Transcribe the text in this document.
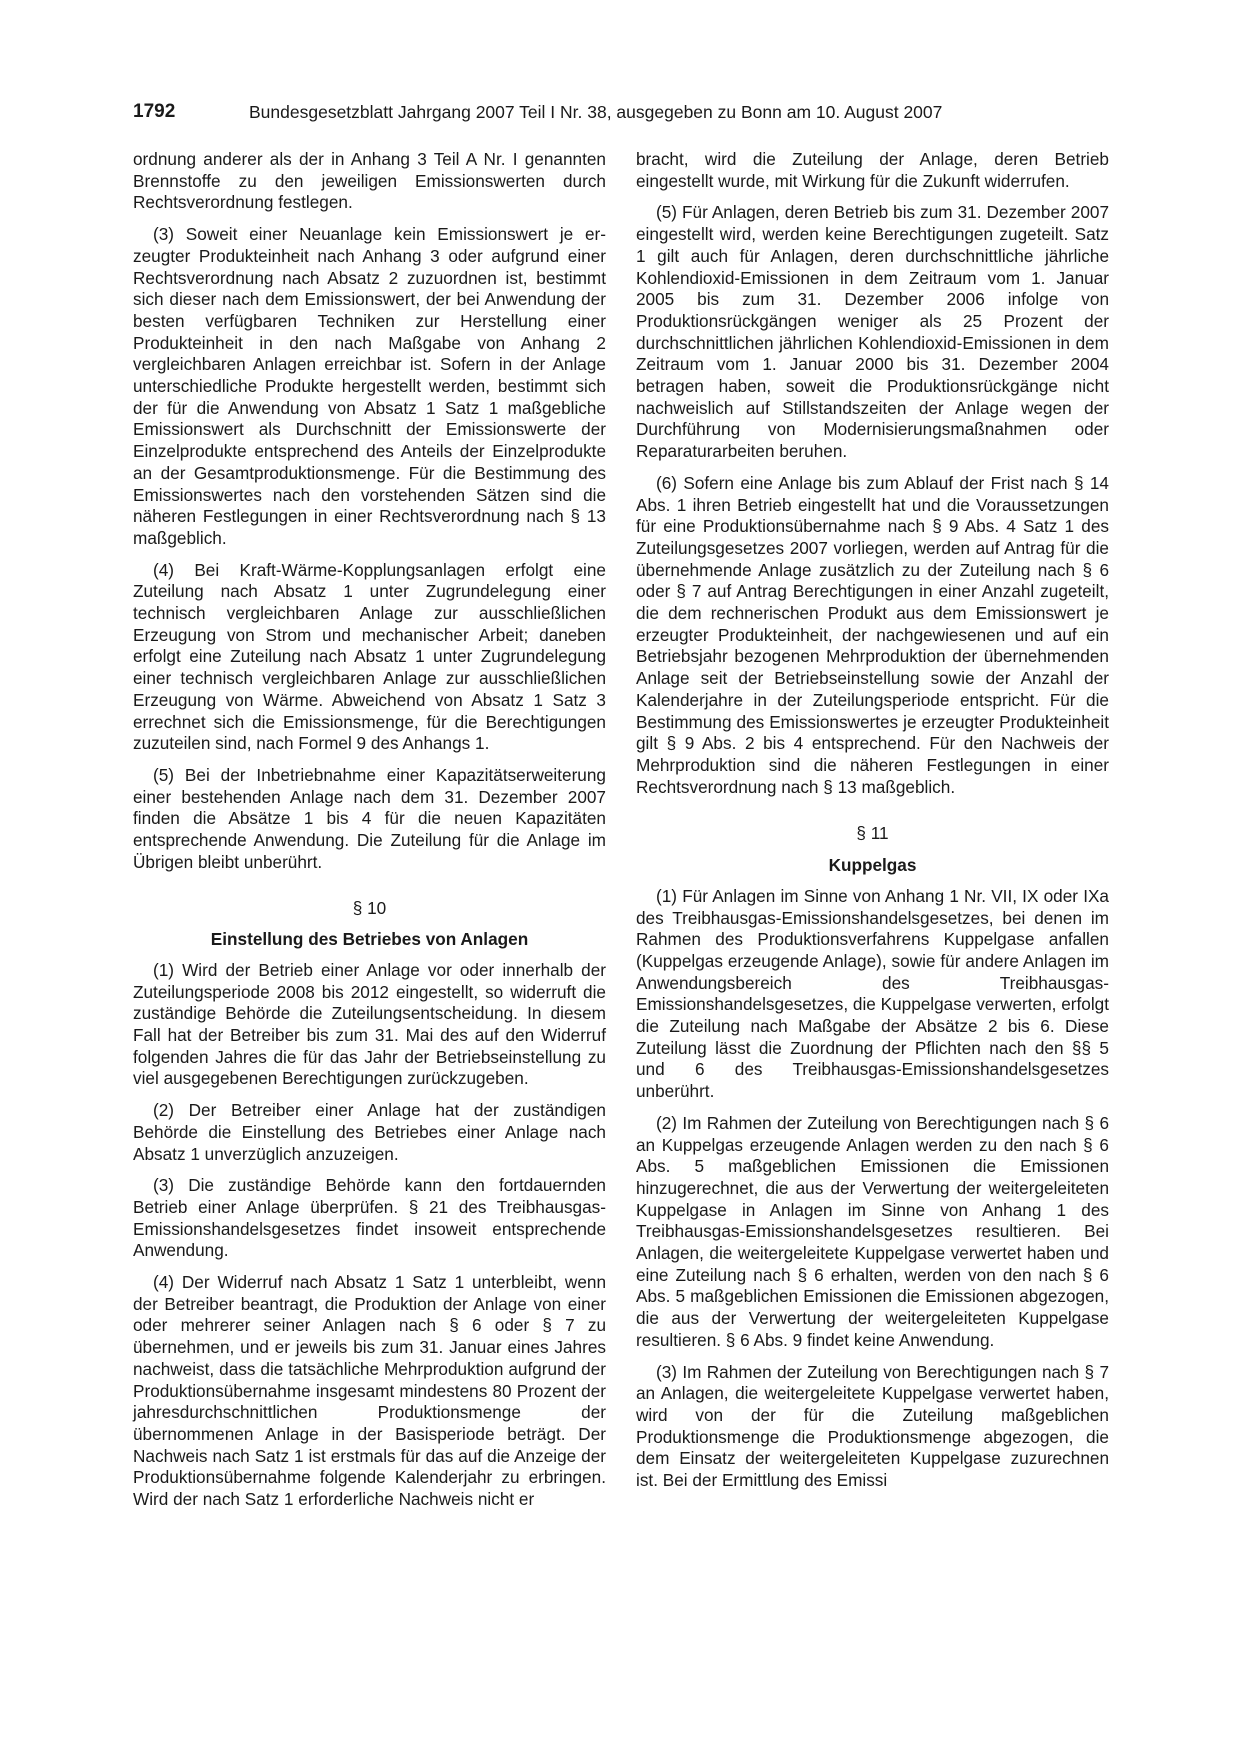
1792	Bundesgesetzblatt Jahrgang 2007 Teil I Nr. 38, ausgegeben zu Bonn am 10. August 2007

ordnung anderer als der in Anhang 3 Teil A Nr. I genannten Brennstoffe zu den jeweiligen Emissionswerten durch Rechtsverordnung festlegen.

(3) Soweit einer Neuanlage kein Emissionswert je erzeugter Produkteinheit nach Anhang 3 oder aufgrund einer Rechtsverordnung nach Absatz 2 zuzuordnen ist, bestimmt sich dieser nach dem Emissionswert, der bei Anwendung der besten verfügbaren Techniken zur Herstellung einer Produkteinheit in den nach Maßgabe von Anhang 2 vergleichbaren Anlagen erreichbar ist. Sofern in der Anlage unterschiedliche Produkte hergestellt werden, bestimmt sich der für die Anwendung von Absatz 1 Satz 1 maßgebliche Emissionswert als Durchschnitt der Emissionswerte der Einzelprodukte entsprechend des Anteils der Einzelprodukte an der Gesamtproduktionsmenge. Für die Bestimmung des Emissionswertes nach den vorstehenden Sätzen sind die näheren Festlegungen in einer Rechtsverordnung nach § 13 maßgeblich.

(4) Bei Kraft-Wärme-Kopplungsanlagen erfolgt eine Zuteilung nach Absatz 1 unter Zugrundelegung einer technisch vergleichbaren Anlage zur ausschließlichen Erzeugung von Strom und mechanischer Arbeit; daneben erfolgt eine Zuteilung nach Absatz 1 unter Zugrundelegung einer technisch vergleichbaren Anlage zur ausschließlichen Erzeugung von Wärme. Abweichend von Absatz 1 Satz 3 errechnet sich die Emissionsmenge, für die Berechtigungen zuzuteilen sind, nach Formel 9 des Anhangs 1.

(5) Bei der Inbetriebnahme einer Kapazitätserweiterung einer bestehenden Anlage nach dem 31. Dezember 2007 finden die Absätze 1 bis 4 für die neuen Kapazitäten entsprechende Anwendung. Die Zuteilung für die Anlage im Übrigen bleibt unberührt.

§ 10
Einstellung des Betriebes von Anlagen

(1) Wird der Betrieb einer Anlage vor oder innerhalb der Zuteilungsperiode 2008 bis 2012 eingestellt, so widerruft die zuständige Behörde die Zuteilungsentscheidung. In diesem Fall hat der Betreiber bis zum 31. Mai des auf den Widerruf folgenden Jahres die für das Jahr der Betriebseinstellung zu viel ausgegebenen Berechtigungen zurückzugeben.

(2) Der Betreiber einer Anlage hat der zuständigen Behörde die Einstellung des Betriebes einer Anlage nach Absatz 1 unverzüglich anzuzeigen.

(3) Die zuständige Behörde kann den fortdauernden Betrieb einer Anlage überprüfen. § 21 des Treibhausgas-Emissionshandelsgesetzes findet insoweit entsprechende Anwendung.

(4) Der Widerruf nach Absatz 1 Satz 1 unterbleibt, wenn der Betreiber beantragt, die Produktion der Anlage von einer oder mehrerer seiner Anlagen nach § 6 oder § 7 zu übernehmen, und er jeweils bis zum 31. Januar eines Jahres nachweist, dass die tatsächliche Mehrproduktion aufgrund der Produktionsübernahme insgesamt mindestens 80 Prozent der jahresdurchschnittlichen Produktionsmenge der übernommenen Anlage in der Basisperiode beträgt. Der Nachweis nach Satz 1 ist erstmals für das auf die Anzeige der Produktionsübernahme folgende Kalenderjahr zu erbringen. Wird der nach Satz 1 erforderliche Nachweis nicht er

bracht, wird die Zuteilung der Anlage, deren Betrieb eingestellt wurde, mit Wirkung für die Zukunft widerrufen.

(5) Für Anlagen, deren Betrieb bis zum 31. Dezember 2007 eingestellt wird, werden keine Berechtigungen zugeteilt. Satz 1 gilt auch für Anlagen, deren durchschnittliche jährliche Kohlendioxid-Emissionen in dem Zeitraum vom 1. Januar 2005 bis zum 31. Dezember 2006 infolge von Produktionsrückgängen weniger als 25 Prozent der durchschnittlichen jährlichen Kohlendioxid-Emissionen in dem Zeitraum vom 1. Januar 2000 bis 31. Dezember 2004 betragen haben, soweit die Produktionsrückgänge nicht nachweislich auf Stillstandszeiten der Anlage wegen der Durchführung von Modernisierungsmaßnahmen oder Reparaturarbeiten beruhen.

(6) Sofern eine Anlage bis zum Ablauf der Frist nach § 14 Abs. 1 ihren Betrieb eingestellt hat und die Voraussetzungen für eine Produktionsübernahme nach § 9 Abs. 4 Satz 1 des Zuteilungsgesetzes 2007 vorliegen, werden auf Antrag für die übernehmende Anlage zusätzlich zu der Zuteilung nach § 6 oder § 7 auf Antrag Berechtigungen in einer Anzahl zugeteilt, die dem rechnerischen Produkt aus dem Emissionswert je erzeugter Produkteinheit, der nachgewiesenen und auf ein Betriebsjahr bezogenen Mehrproduktion der übernehmenden Anlage seit der Betriebseinstellung sowie der Anzahl der Kalenderjahre in der Zuteilungsperiode entspricht. Für die Bestimmung des Emissionswertes je erzeugter Produkteinheit gilt § 9 Abs. 2 bis 4 entsprechend. Für den Nachweis der Mehrproduktion sind die näheren Festlegungen in einer Rechtsverordnung nach § 13 maßgeblich.

§ 11
Kuppelgas

(1) Für Anlagen im Sinne von Anhang 1 Nr. VII, IX oder IXa des Treibhausgas-Emissionshandelsgesetzes, bei denen im Rahmen des Produktionsverfahrens Kuppelgase anfallen (Kuppelgas erzeugende Anlage), sowie für andere Anlagen im Anwendungsbereich des Treibhausgas-Emissionshandelsgesetzes, die Kuppelgase verwerten, erfolgt die Zuteilung nach Maßgabe der Absätze 2 bis 6. Diese Zuteilung lässt die Zuordnung der Pflichten nach den §§ 5 und 6 des Treibhausgas-Emissionshandelsgesetzes unberührt.

(2) Im Rahmen der Zuteilung von Berechtigungen nach § 6 an Kuppelgas erzeugende Anlagen werden zu den nach § 6 Abs. 5 maßgeblichen Emissionen die Emissionen hinzugerechnet, die aus der Verwertung der weitergeleiteten Kuppelgase in Anlagen im Sinne von Anhang 1 des Treibhausgas-Emissionshandelsgesetzes resultieren. Bei Anlagen, die weitergeleitete Kuppelgase verwertet haben und eine Zuteilung nach § 6 erhalten, werden von den nach § 6 Abs. 5 maßgeblichen Emissionen die Emissionen abgezogen, die aus der Verwertung der weitergeleiteten Kuppelgase resultieren. § 6 Abs. 9 findet keine Anwendung.

(3) Im Rahmen der Zuteilung von Berechtigungen nach § 7 an Anlagen, die weitergeleitete Kuppelgase verwertet haben, wird von der für die Zuteilung maßgeblichen Produktionsmenge die Produktionsmenge abgezogen, die dem Einsatz der weitergeleiteten Kuppelgase zuzurechnen ist. Bei der Ermittlung des Emissi
